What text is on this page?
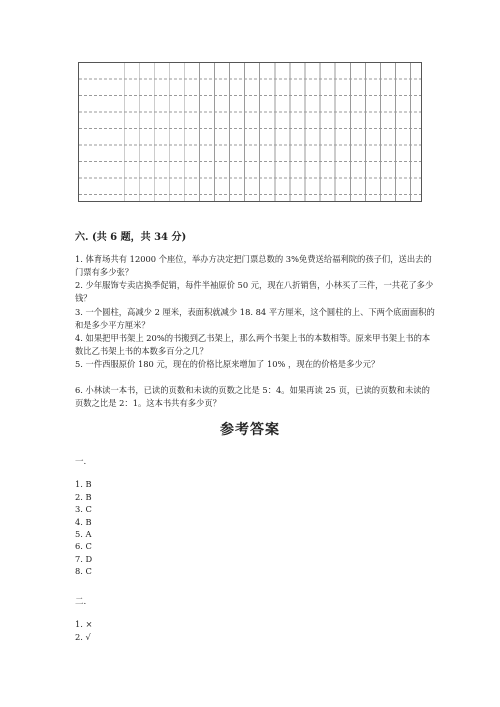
六. (共 6 题，共 34 分)

1. 体育场共有 12000 个座位，举办方决定把门票总数的 3%免费送给福利院的孩子们，送出去的门票有多少张？

2. 少年服饰专卖店换季促销，每件半袖原价 50 元，现在八折销售，小林买了三件，一共花了多少钱？

3. 一个圆柱，高减少 2 厘米，表面积就减少 18. 84 平方厘米，这个圆柱的上、下两个底面面积的和是多少平方厘米？

4. 如果把甲书架上 20%的书搬到乙书架上，那么两个书架上书的本数相等。原来甲书架上书的本数比乙书架上书的本数多百分之几？

5. 一件西服原价 180 元，现在的价格比原来增加了 10% ，现在的价格是多少元？

6. 小林读一本书，已读的页数和未读的页数之比是 5：4。如果再读 25 页，已读的页数和未读的页数之比是 2：1。这本书共有多少页？

参考答案
一.
1. B
2. B
3. C
4. B
5. A
6. C
7. D
8. C
二.
1. ×
2. √
